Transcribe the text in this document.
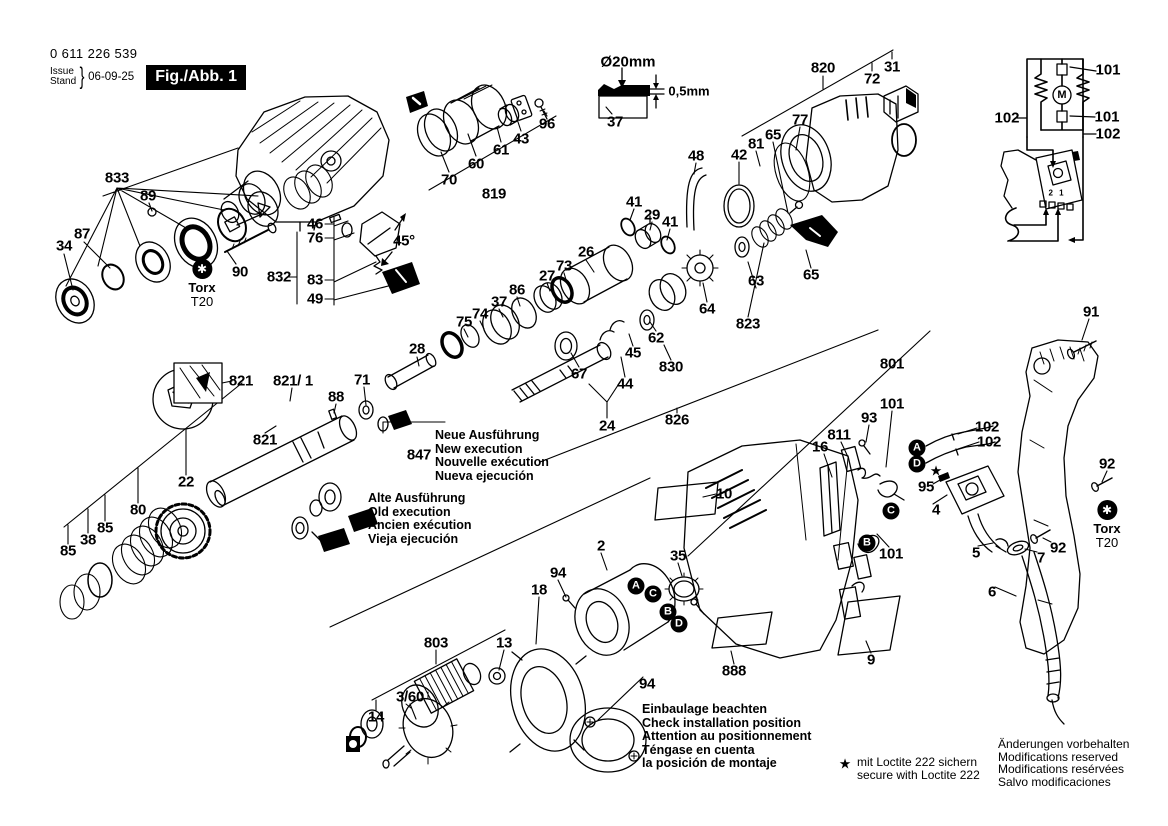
0 611 226 539
Issue
Stand } 06-09-25	Fig./Abb. 1
Ø20mm
0,5mm
833
89
87
34
90 832
46
76
83
49
45°
70
60
61
43
96
819
37
820
72
31
77
65
81
42
48
41
29 41
26
73
27
86
37
74
75
28
63
64
823
65
62
830
45
44
67
24	826
801
821 821/ 1	71
88
821
847
22
80
85
38
85
91
92
92
7
5
6
4
95
93
811
16
101
101
102
102
10
2
94
94
18
35
888
9
803	13
3/60
14
101
102	101
102
M
2 1
A
C
B
D
A
D
C
B
★
★
✱
Torx
T20
✱
Torx
T20
Neue Ausführung
New execution
Nouvelle exécution
Nueva ejecución
Alte Ausführung
Old execution
Ancien exécution
Vieja ejecución
Einbaulage beachten
Check installation position
Attention au positionnement
Téngase en cuenta
la posición de montaje	mit Loctite 222 sichern
secure with Loctite 222
Änderungen vorbehalten
Modifications reserved
Modifications resérvées
Salvo modificaciones
